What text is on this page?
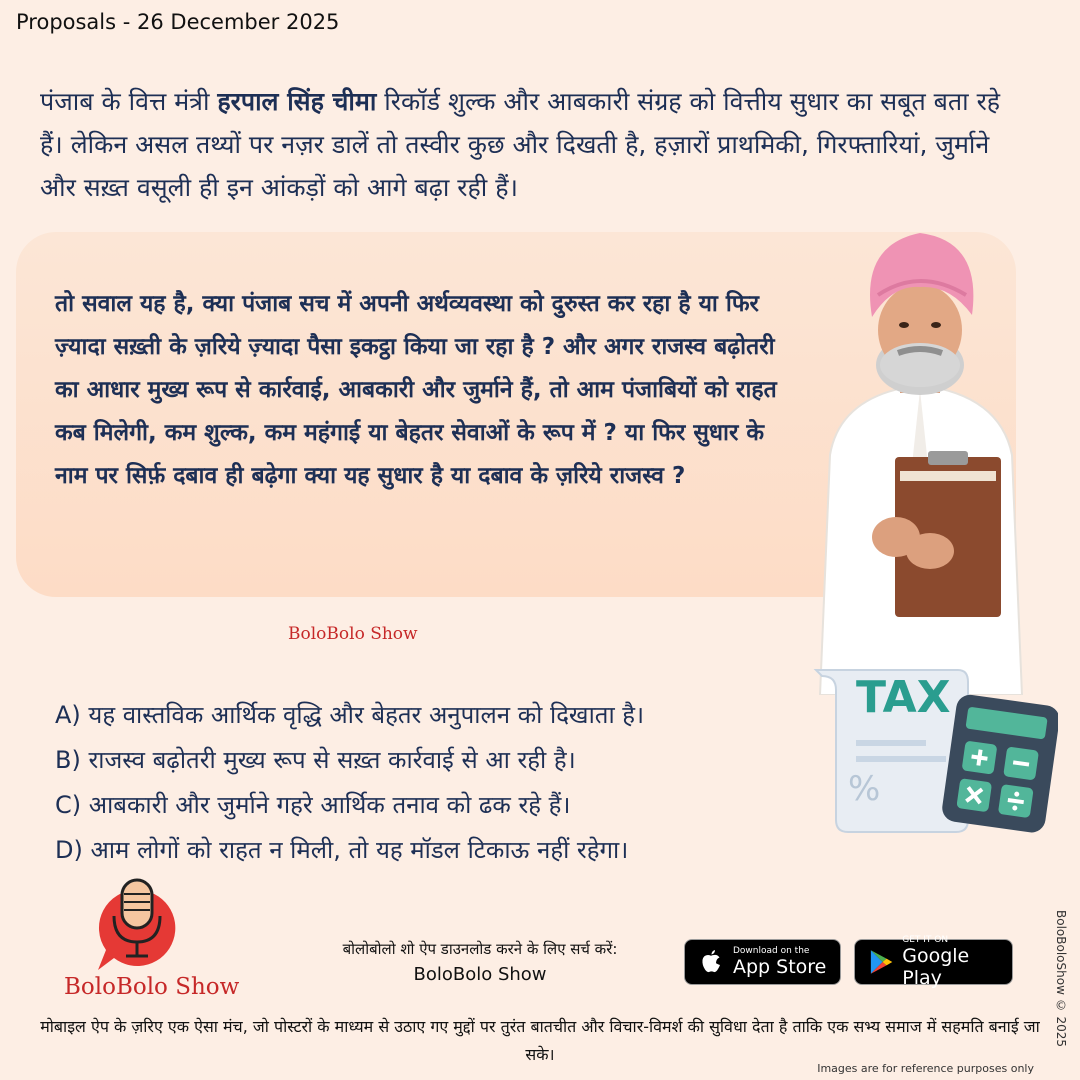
Proposals - 26 December 2025
पंजाब के वित्त मंत्री हरपाल सिंह चीमा रिकॉर्ड शुल्क और आबकारी संग्रह को वित्तीय सुधार का सबूत बता रहे हैं। लेकिन असल तथ्यों पर नज़र डालें तो तस्वीर कुछ और दिखती है, हज़ारों प्राथमिकी, गिरफ्तारियां, जुर्माने और सख़्त वसूली ही इन आंकड़ों को आगे बढ़ा रही हैं।
तो सवाल यह है, क्या पंजाब सच में अपनी अर्थव्यवस्था को दुरुस्त कर रहा है या फिर ज़्यादा सख़्ती के ज़रिये ज़्यादा पैसा इकट्ठा किया जा रहा है ? और अगर राजस्व बढ़ोतरी का आधार मुख्य रूप से कार्रवाई, आबकारी और जुर्माने हैं, तो आम पंजाबियों को राहत कब मिलेगी, कम शुल्क, कम महंगाई या बेहतर सेवाओं के रूप में ? या फिर सुधार के नाम पर सिर्फ़ दबाव ही बढ़ेगा क्या यह सुधार है या दबाव के ज़रिये राजस्व ?
BoloBolo Show
A) यह वास्तविक आर्थिक वृद्धि और बेहतर अनुपालन को दिखाता है।
B) राजस्व बढ़ोतरी मुख्य रूप से सख़्त कार्रवाई से आ रही है।
C) आबकारी और जुर्माने गहरे आर्थिक तनाव को ढक रहे हैं।
D) आम लोगों को राहत न मिली, तो यह मॉडल टिकाऊ नहीं रहेगा।
TAX
%
BoloBolo Show
बोलोबोलो शो ऐप डाउनलोड करने के लिए सर्च करें:
BoloBolo Show
Download on the
App Store
GET IT ON
Google Play
मोबाइल ऐप के ज़रिए एक ऐसा मंच, जो पोस्टरों के माध्यम से उठाए गए मुद्दों पर तुरंत बातचीत और विचार-विमर्श की सुविधा देता है ताकि एक सभ्य समाज में सहमति बनाई जा सके।
Images are for reference purposes only
BoloBoloShow © 2025
